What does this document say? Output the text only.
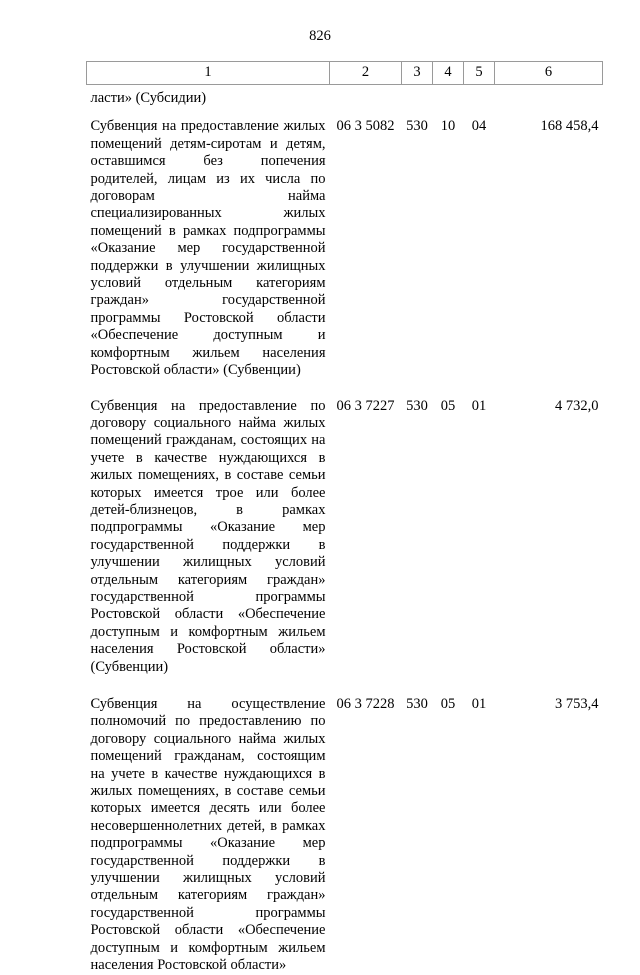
826
1	2	3	4	5	6
ласти» (Субсидии)					
Субвенция на предоставление жилых помещений детям-сиротам и детям, оставшимся без попечения родителей, лицам из их числа по договорам найма специализированных жилых помещений в рамках подпрограммы «Оказание мер государственной поддержки в улучшении жилищных условий отдельным категориям граждан» государственной программы Ростовской области «Обеспечение доступным и комфортным жильем населения Ростовской области» (Субвенции)	06 3 5082	530	10	04	168 458,4
Субвенция на предоставление по договору социального найма жилых помещений гражданам, состоящих на учете в качестве нуждающихся в жилых помещениях, в составе семьи которых имеется трое или более детей-близнецов, в рамках подпрограммы «Оказание мер государственной поддержки в улучшении жилищных условий отдельным категориям граждан» государственной программы Ростовской области «Обеспечение доступным и комфортным жильем населения Ростовской области» (Субвенции)	06 3 7227	530	05	01	4 732,0
Субвенция на осуществление полномочий по предоставлению по договору социального найма жилых помещений гражданам, состоящим на учете в качестве нуждающихся в жилых помещениях, в составе семьи которых имеется десять или более несовершеннолетних детей, в рамках подпрограммы «Оказание мер государственной поддержки в улучшении жилищных условий отдельным категориям граждан» государственной программы Ростовской области «Обеспечение доступным и комфортным жильем населения Ростовской области»	06 3 7228	530	05	01	3 753,4
